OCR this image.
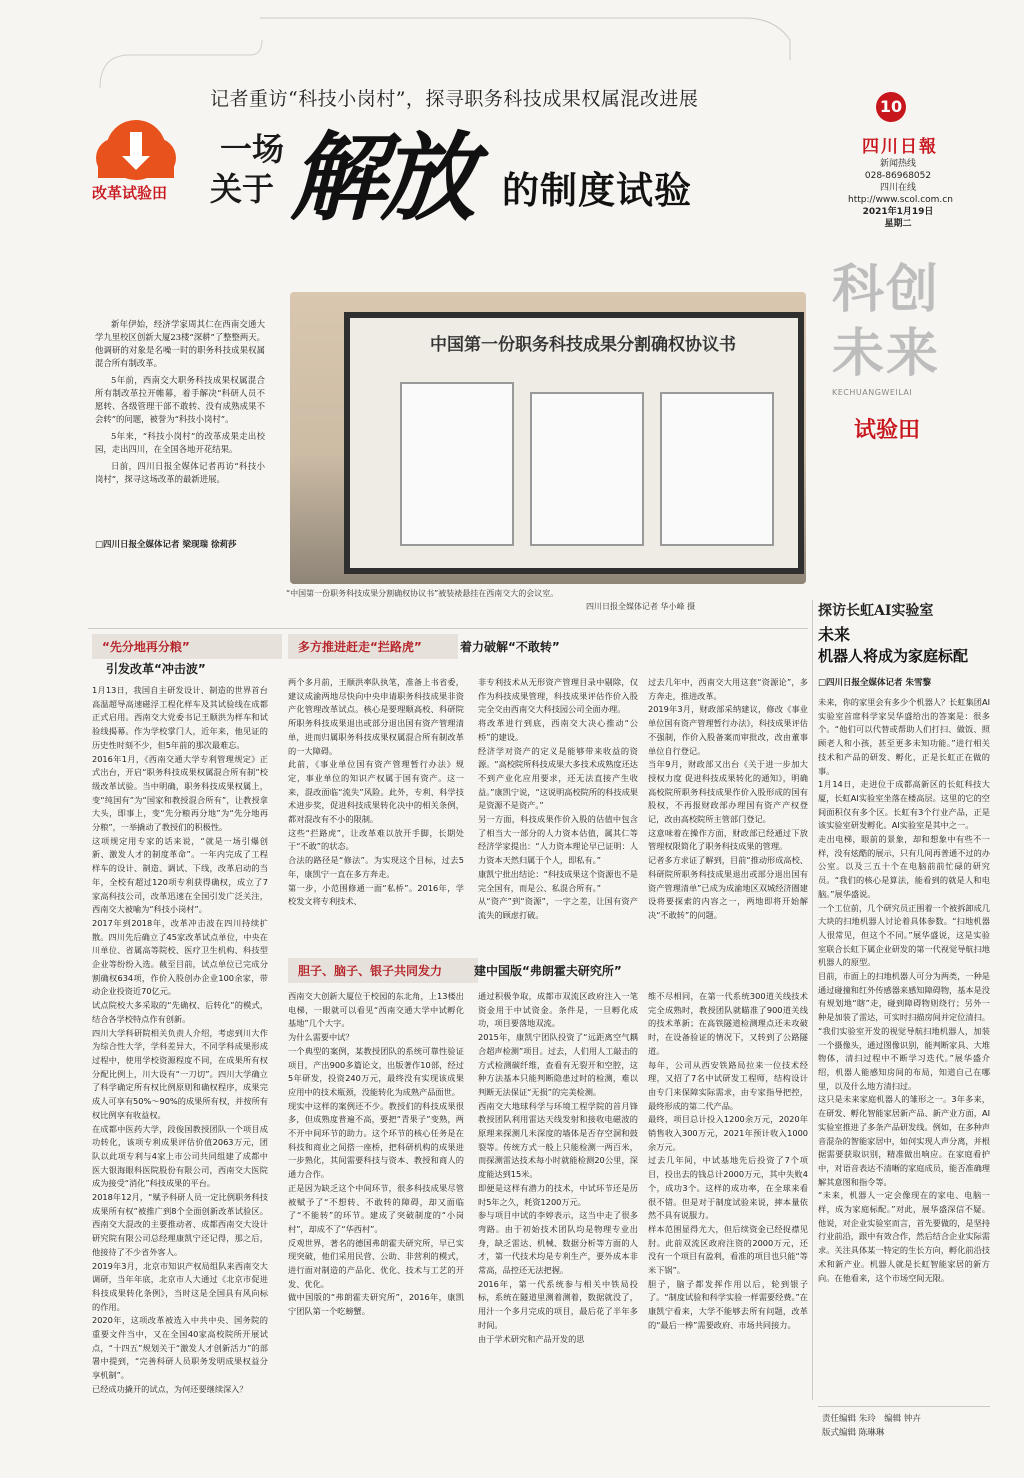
记者重访“科技小岗村”，探寻职务科技成果权属混改进展
改革试验田
一场
关于 解放 的制度试验
10
四川日報
新闻热线
028-86968052
四川在线
http://www.scol.com.cn
2021年1月19日
星期二
科创未来
KECHUANGWEILAI
试验田
中国第一份职务科技成果分割确权协议书
“中国第一份职务科技成果分割确权协议书”被装裱悬挂在西南交大的会议室。
四川日报全媒体记者 华小峰 摄

新年伊始，经济学家周其仁在西南交通大学九里校区创新大厦23楼“深耕”了整整两天。他调研的对象是名噪一时的职务科技成果权属混合所有制改革。

5年前，西南交大职务科技成果权属混合所有制改革拉开帷幕，着手解决“科研人员不愿转、各级管理干部不敢转、没有成熟成果不会转”的问题，被誉为“科技小岗村”。

5年来，“科技小岗村”的改革成果走出校园，走出四川，在全国各地开花结果。

日前，四川日报全媒体记者再访“科技小岗村”，探寻这场改革的最新进展。

□四川日报全媒体记者 梁现瑞 徐莉莎
“先分地再分粮”
引发改革“冲击波”
多方推进赶走“拦路虎”	着力破解“不敢转”
1月13日，我国自主研发设计、制造的世界首台高温超导高速磁浮工程化样车及其试验线在成都正式启用。西南交大党委书记王顺洪为样车和试验线揭幕。作为学校掌门人，近年来，他见证的历史性时刻不少，但5年前的那次最难忘。
2016年1月，《西南交通大学专利管理规定》正式出台，开启“职务科技成果权属混合所有制”校级改革试验。当中明确，职务科技成果权属上，变“纯国有”为“国家和教授混合所有”，让教授拿大头，即事上，变“先分粮再分地”为“先分地再分粮”，一举撬动了教授们的积极性。
这项规定用专家的话来说，“就是一场引爆创新、激发人才的制度革命”。一年内完成了工程样车的设计、制造、调试、下线，改革启动的当年，全校有超过120项专利获得确权，成立了7家高科技公司，改革迅速在全国引发广泛关注，西南交大被喻为“科技小岗村”。
2017年到2018年，改革冲击波在四川持续扩散。四川先后确立了45家改革试点单位，中央在川单位、省属高等院校、医疗卫生机构、科技型企业等纷纷入选。截至目前，试点单位已完成分割确权634项，作价入股创办企业100余家，带动企业投资近70亿元。
试点院校大多采取的“先确权、后转化”的模式，结合各学校特点作有创新。
四川大学科研院相关负责人介绍，考虑到川大作为综合性大学，学科差异大，不同学科成果形成过程中，使用学校资源程度不同，在成果所有权分配比例上，川大设有“一刀切”。四川大学确立了科学确定所有权比例原则和确权程序，成果完成人可享有50%～90%的成果所有权，并按所有权比例享有收益权。
在成都中医药大学，段俊国教授团队一个项目成功转化，该项专利成果评估价值2063万元，团队以此项专利与4家上市公司共同组建了成都中医大银海眼科医院股份有限公司，西南交大医院成为接受“消化”科技成果的平台。
2018年12月，“赋予科研人员一定比例职务科技成果所有权”被推广到8个全面创新改革试验区。西南交大混改的主要推动者、成都西南交大设计研究院有限公司总经理康凯宁还记得，那之后，他接待了不少省外客人。
2019年3月，北京市知识产权局组队来西南交大调研，当年年底，北京市人大通过《北京市促进科技成果转化条例》，当时这是全国具有风向标的作用。
2020年，这项改革被选入中共中央、国务院的重要文件当中，又在全国40家高校院所开展试点，“十四五”规划关于“激发人才创新活力”的部署中提到，“完善科研人员职务发明成果权益分享机制”。
已经成功撬开的试点，为何还要继续深入？
两个多月前，王顺洪率队执笔，准备上书省委，建议成渝两地尽快向中央申请职务科技成果非资产化管理改革试点。核心是要理顺高校、科研院所职务科技成果退出或部分退出国有资产管理清单，进而归属职务科技成果权属混合所有制改革的一大障碍。
此前，《事业单位国有资产管理暂行办法》规定，事业单位的知识产权属于国有资产。这一来，混改面临“流失”风险。此外，专利、科学技术进步奖，促进科技成果转化决中的相关条例，都对混改有不小的限制。
这些“拦路虎”，让改革难以放开手脚，长期处于“不敢”的状态。
合法的路径是“修法”。为实现这个目标，过去5年，康凯宁一直在多方奔走。
第一步，小范围修通一面“私桥”。2016年，学校发文将专利技术、
非专利技术从无形资产管理目录中剔除，仅作为科技成果管理，科技成果评估作价入股完全交由西南交大科技园公司全面办理。
将改革进行到底，西南交大决心推动“公桥”的建设。
经济学对资产的定义是能够带来收益的资源。“高校院所科技成果大多技术成熟度还达不到产业化应用要求，还无法直接产生收益。”康凯宁说，“这说明高校院所的科技成果是资源不是资产。”
另一方面，科技成果作价入股的估值中包含了相当大一部分的人力资本估值，属其仁等经济学家提出：“人力资本理论早已证明：人力资本天然归属于个人，即私有。”
康凯宁批出结论：“科技成果这个资源也不是完全国有，而是公、私混合所有。”
从“资产”到“资源”，一字之差，让国有资产流失的顾虑打破。
过去几年中，西南交大用这套“资源论”，多方奔走，推进改革。
2019年3月，财政部采纳建议，修改《事业单位国有资产管理暂行办法》，科技成果评估不强制，作价入股备案而审批改，改由董事单位自行登记。
当年9月，财政部又出台《关于进一步加大授权力度 促进科技成果转化的通知》，明确高校院所职务科技成果作价入股形成的国有股权，不再报财政部办理国有资产产权登记，改由高校院所主管部门登记。
这意味着在操作方面，财政部已经通过下放管理权限简化了职务科技成果的管理。
记者多方求证了解到，目前“推动形成高校、科研院所职务科技成果退出或部分退出国有资产管理清单”已成为成渝地区双城经济圈建设将要探索的内容之一，两地即将开始解决“不敢转”的问题。
胆子、脑子、银子共同发力	建中国版“弗朗霍夫研究所”
西南交大创新大厦位于校园的东北角，上13楼出电梯，一眼就可以看见“西南交通大学中试孵化基地”几个大字。
为什么需要中试？
一个典型的案例，某教授团队的系统可靠性验证项目，产出900多篇论文，出版著作10部，经过5年研发，投资240万元，最终没有实现该成果应用中的技术瓶颈，没能转化为成熟产品面世。
现实中这样的案例还不少。教授们的科技成果很多，但成熟度普遍不高，要把“青果子”变熟，两不开中间环节的助力。这个环节的核心任务是在科技和商业之间搭一座桥，把科研机构的成果进一步熟化，其间需要科技与资本、教授和商人的通力合作。
正是因为缺乏这个中间环节，很多科技成果尽管被赋予了“不想转、不敢转的障碍，却又面临了“不能转”的环节。建成了突破制度的“小岗村”，却成不了“华西村”。
反观世界，著名的德国弗朗霍夫研究所，早已实现突破，他们采用民营、公助、非营利的模式，进行面对制造的产品化、优化、技术与工艺的开发、优化。
做中国版的“弗朗霍夫研究所”，2016年，康凯宁团队第一个吃螃蟹。
通过积极争取，成都市双流区政府注入一笔资金用于中试资金。条件是，一旦孵化成功，项目要落地双流。
2015年，康凯宁团队投资了“远距离空气耦合超声检测”项目。过去，人们用人工敲击的方式检测碳纤维，查看有无裂开和空腔，这种方法基本只能判断隐患过时的检测，难以判断无法保证“无损”的完美检测。
西南交大地球科学与环境工程学院的首月锋教授团队利用雷达天线发射和接收电磁波的原理来探测几米深度的墙体是否存空洞和鼓裂等。传统方式一般上只能检测一两百米，而探测雷达技术每小时就能检测20公里，深度能达到15米。
即便是这样有潜力的技术，中试环节还是历时5年之久，耗资1200万元。
参与项目中试的李婷表示，这当中走了很多弯路。由于初始技术团队均是物理专业出身，缺乏雷达、机械、数据分析等方面的人才，第一代技术均是专利生产，要外成本非常高，品控还无法把握。
2016年，第一代系统参与相关中铁局投标，系统在隧道里测着测着，数据就没了，用汁一个多月完成的项目，最后花了半年多时间。
由于学术研究和产品开发的思
维不尽相同，在第一代系统300道关线技术完全成熟时，教授团队就瞄准了900道关线的技术革新；在高铁隧道检测理点还未攻破时，在设备验证的情况下，又转到了公路隧道。
每年，公司从西安铁路局拉来一位技术经理，又招了7名中试研发工程师，结构设计由专门来保障实际需求，由专家指导把控，最终形成的第二代产品。
最终，项目总计投入1200余万元，2020年销售收入300万元，2021年预计收入1000余万元。
过去几年间，中试基地先后投资了7个项目，投出去的钱总计2000万元，其中失败4个，成功3个。这样的成功率，在全球来看很不错。但是对于制度试验来说，摔本量依然不具有说服力。
样本范围显得尤大，但后续资金已经捉襟见肘。此前双流区政府注资的2000万元，还没有一个项目有盈利，看准的项目也只能“等米下锅”。
胆子，脑子都发挥作用以后，轮到银子了。“制度试验和科学实验一样需要经费。”在康凯宁看来，大学不能够去所有问题，改革的“最后一棒”需要政府、市场共同接力。
探访长虹AI实验室
未来
机器人将成为家庭标配
□四川日报全媒体记者 朱雪黎
未来，你的家里会有多少个机器人？长虹集团AI实验室首席科学家吴华盛给出的答案是：很多个。“他们可以代替或帮助人们打扫、做饭、照顾老人和小孩，甚至更多未知功能。”进行相关技术和产品的研发、孵化，正是长虹正在做的事。
1月14日，走进位于成都高新区的长虹科技大厦，长虹AI实验室坐落在楼高层。这里的它的空间面积仅有多个区。长虹有3个行业产品，正是该实验室研发孵化。AI实验室是其中之一。
走出电梯，眼前的景象，却和想象中有些不一样，没有炫酷的展示，只有几间再普通不过的办公室。以及三五十个在电脑前前忙碌的研究员。“我们的核心是算法，能看到的就是人和电脑。”展华盛说。
一个工位前，几个研究员正围着一个被拆卸成几大块的扫地机器人讨论着具体参数。“扫地机器人很常见，但这个不同。”展华盛说，这是实验室联合长虹下属企业研发的第一代视觉导航扫地机器人的原型。
目前，市面上的扫地机器人可分为两类，一种是通过碰撞和红外传感器来感知障碍物，基本是没有规划地“瞎”走，碰到障碍物则绕行；另外一种是加装了雷达，可实时扫描房间并定位清扫。
“我们实验室开发的视觉导航扫地机器人，加装一个摄像头，通过图像识别，能判断家具、大堆物体，清扫过程中不断学习迭代。”展华盛介绍，机器人能感知房间的布局，知道自己在哪里，以及什么地方清扫过。
这只是未来家庭机器人的雏形之一。3年多来，在研发、孵化智能家居新产品、新产业方面，AI实验室推进了多条产品研发线。例如，在多种声音混杂的智能家居中，如何实现人声分离，并根据需要获取识别，精准做出响应。在家庭看护中，对语音表达不清晰的家庭成员，能否准确理解其意图和指令等。
“未来，机器人一定会像现在的家电、电脑一样，成为家庭标配。”对此，展华盛深信不疑。他说，对企业实验室而言，首先要做的，是坚持行业前沿，跟中有效合作，然后结合企业实际需求。关注具体某一特定的生长方向，孵化前沿技术和新产业。机器人就是长虹智能家居的新方向。在他看来，这个市场空间无限。
责任编辑 朱玲　编辑 钟卉
版式编辑 陈琳琳
